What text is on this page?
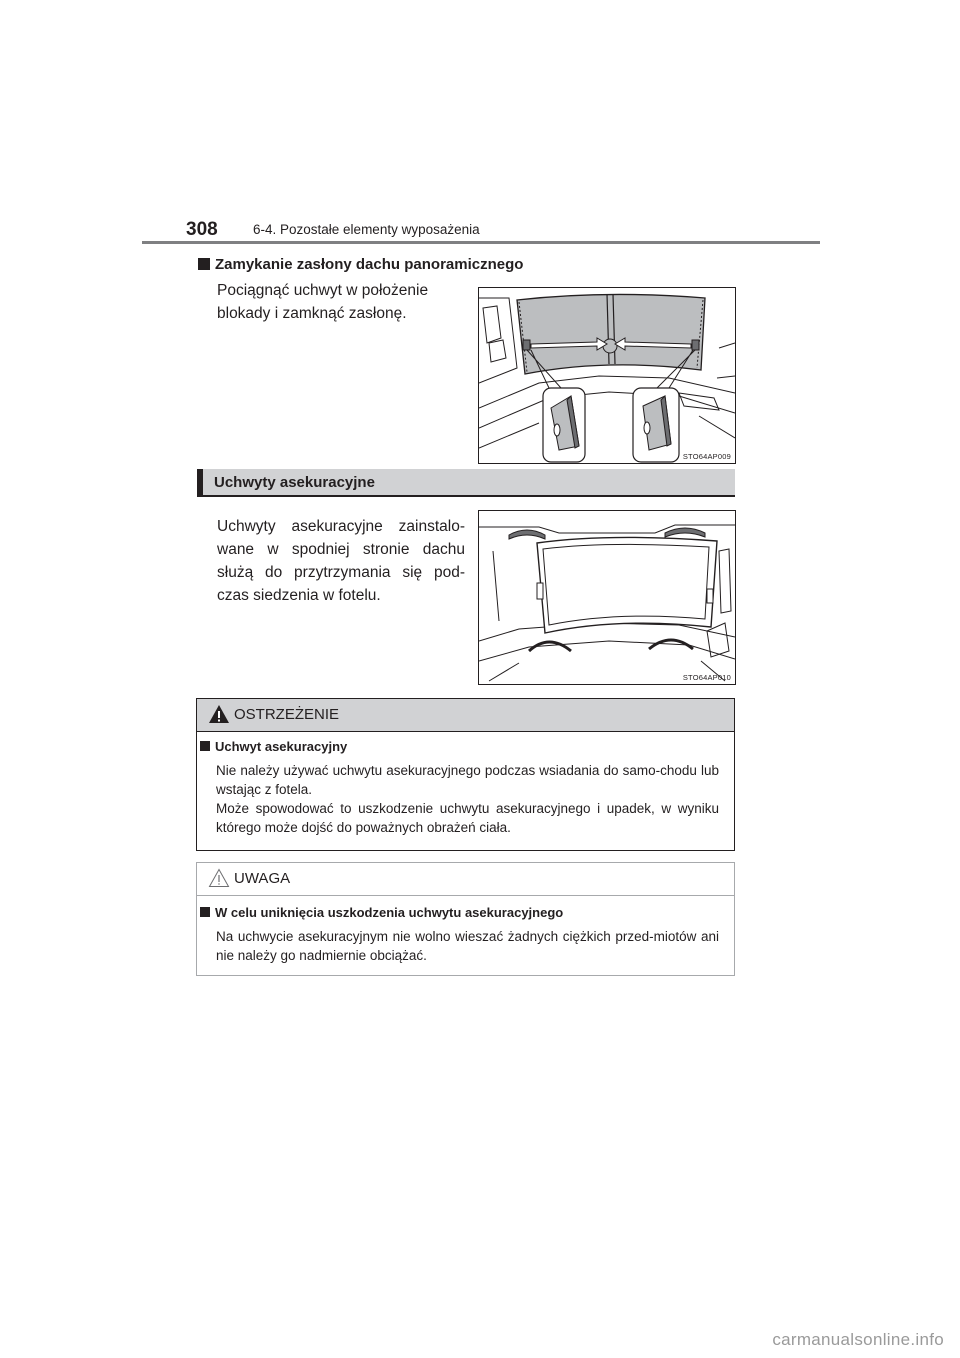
308	6-4. Pozostałe elementy wyposażenia
Zamykanie zasłony dachu panoramicznego
Pociągnąć uchwyt w położenie blokady i zamknąć zasłonę.
STO64AP009
Uchwyty asekuracyjne
Uchwyty asekuracyjne zainstalo-wane w spodniej stronie dachu służą do przytrzymania się pod-czas siedzenia w fotelu.
STO64AP010
OSTRZEŻENIE
Uchwyt asekuracyjny

Nie należy używać uchwytu asekuracyjnego podczas wsiadania do samo-chodu lub wstając z fotela.

Może spowodować to uszkodzenie uchwytu asekuracyjnego i upadek, w wyniku którego może dojść do poważnych obrażeń ciała.

UWAGA
W celu uniknięcia uszkodzenia uchwytu asekuracyjnego

Na uchwycie asekuracyjnym nie wolno wieszać żadnych ciężkich przed-miotów ani nie należy go nadmiernie obciążać.

carmanualsonline.info
